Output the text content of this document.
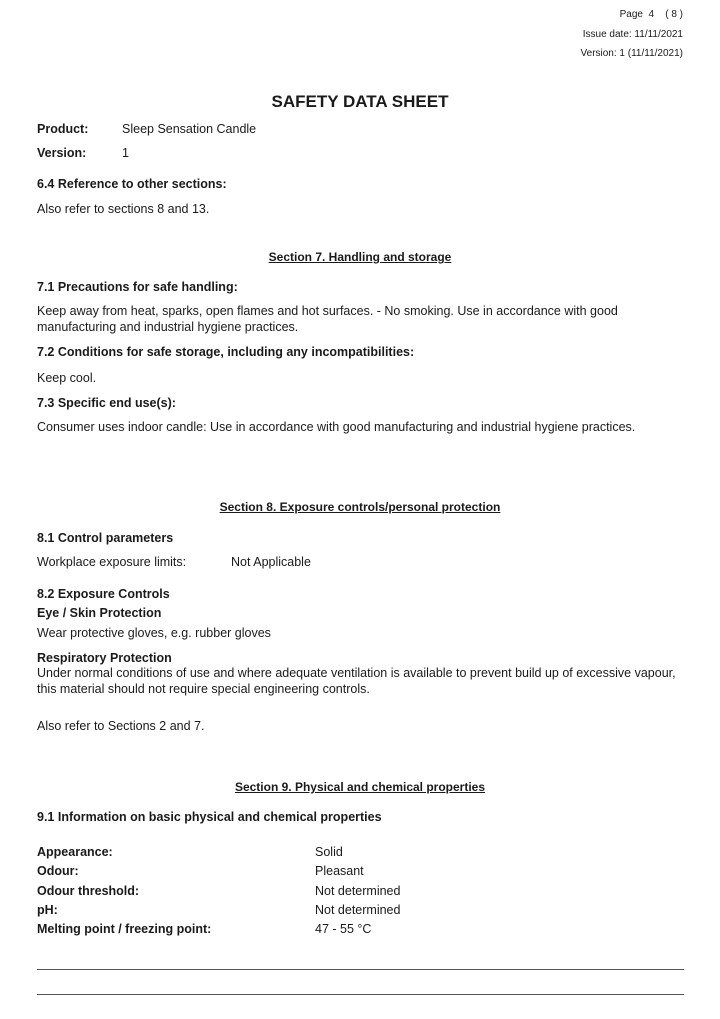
Page 4 ( 8 )
Issue date: 11/11/2021
Version: 1 (11/11/2021)
SAFETY DATA SHEET
Product:	Sleep Sensation Candle
Version:	1
6.4 Reference to other sections:
Also refer to sections 8 and 13.
Section 7. Handling and storage
7.1 Precautions for safe handling:
Keep away from heat, sparks, open flames and hot surfaces. - No smoking. Use in accordance with good manufacturing and industrial hygiene practices.
7.2 Conditions for safe storage, including any incompatibilities:
Keep cool.
7.3 Specific end use(s):
Consumer uses indoor candle: Use in accordance with good manufacturing and industrial hygiene practices.
Section 8. Exposure controls/personal protection
8.1 Control parameters
Workplace exposure limits:	Not Applicable
8.2 Exposure Controls
Eye / Skin Protection
Wear protective gloves, e.g. rubber gloves
Respiratory Protection
Under normal conditions of use and where adequate ventilation is available to prevent build up of excessive vapour, this material should not require special engineering controls.
Also refer to Sections 2 and 7.
Section 9. Physical and chemical properties
9.1 Information on basic physical and chemical properties
Appearance:	Solid
Odour:	Pleasant
Odour threshold:	Not determined
pH:	Not determined
Melting point / freezing point:	47 - 55 °C
